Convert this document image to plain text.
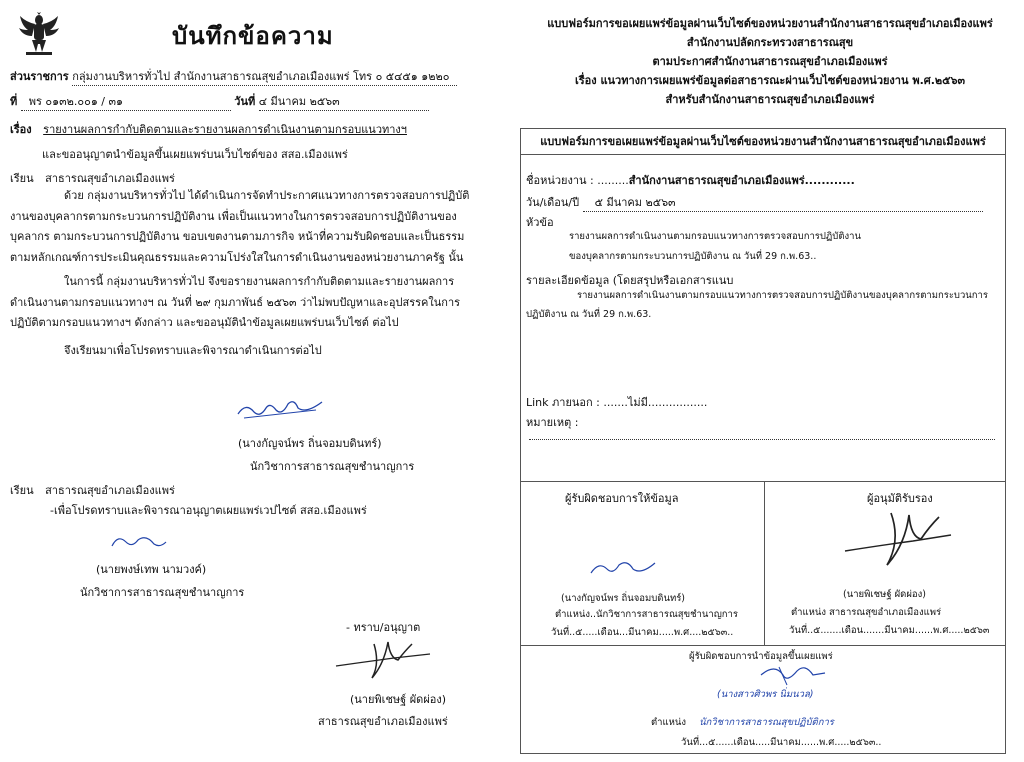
บันทึกข้อความ
ส่วนราชการ กลุ่มงานบริหารทั่วไป สำนักงานสาธารณสุขอำเภอเมืองแพร่ โทร ๐ ๕๔๕๑ ๑๒๒๐
ที่ พร ๐๑๓๒.๐๐๑ / ๓๑	วันที่ ๔ มีนาคม ๒๕๖๓
เรื่อง รายงานผลการกำกับติดตามและรายงานผลการดำเนินงานตามกรอบแนวทางฯ
และขออนุญาตนำข้อมูลขึ้นเผยแพร่บนเว็บไซต์ของ สสอ.เมืองแพร่
เรียน สาธารณสุขอำเภอเมืองแพร่
ด้วย กลุ่มงานบริหารทั่วไป ได้ดำเนินการจัดทำประกาศแนวทางการตรวจสอบการปฏิบัติงานของบุคลากรตามกระบวนการปฏิบัติงาน เพื่อเป็นแนวทางในการตรวจสอบการปฏิบัติงานของบุคลากร ตามกระบวนการปฏิบัติงาน ขอบเขตงานตามภารกิจ หน้าที่ความรับผิดชอบและเป็นธรรม ตามหลักเกณฑ์การประเมินคุณธรรมและความโปร่งใสในการดำเนินงานของหน่วยงานภาครัฐ นั้น
ในการนี้ กลุ่มงานบริหารทั่วไป จึงขอรายงานผลการกำกับติดตามและรายงานผลการดำเนินงานตามกรอบแนวทางฯ ณ วันที่ ๒๙ กุมภาพันธ์ ๒๕๖๓ ว่าไม่พบปัญหาและอุปสรรคในการปฏิบัติตามกรอบแนวทางฯ ดังกล่าว และขออนุมัตินำข้อมูลเผยแพร่บนเว็บไซต์ ต่อไป
จึงเรียนมาเพื่อโปรดทราบและพิจารณาดำเนินการต่อไป
(นางกัญจน์พร ถิ่นจอมบดินทร์)
นักวิชาการสาธารณสุขชำนาญการ
เรียน สาธารณสุขอำเภอเมืองแพร่
-เพื่อโปรดทราบและพิจารณาอนุญาตเผยแพร่เวปไซต์ สสอ.เมืองแพร่
(นายพงษ์เทพ นามวงค์)
นักวิชาการสาธารณสุขชำนาญการ
- ทราบ/อนุญาต
(นายพิเชษฐ์ ผัดผ่อง)
สาธารณสุขอำเภอเมืองแพร่
แบบฟอร์มการขอเผยแพร่ข้อมูลผ่านเว็บไซต์ของหน่วยงานสำนักงานสาธารณสุขอำเภอเมืองแพร่
สำนักงานปลัดกระทรวงสาธารณสุข
ตามประกาศสำนักงานสาธารณสุขอำเภอเมืองแพร่
เรื่อง แนวทางการเผยแพร่ข้อมูลต่อสาธารณะผ่านเว็บไซต์ของหน่วยงาน พ.ศ.๒๕๖๓
สำหรับสำนักงานสาธารณสุขอำเภอเมืองแพร่
แบบฟอร์มการขอเผยแพร่ข้อมูลผ่านเว็บไซต์ของหน่วยงานสำนักงานสาธารณสุขอำเภอเมืองแพร่
ชื่อหน่วยงาน : .........สำนักงานสาธารณสุขอำเภอเมืองแพร่............
วัน/เดือน/ปี ๕ มีนาคม ๒๕๖๓
หัวข้อ
รายงานผลการดำเนินงานตามกรอบแนวทางการตรวจสอบการปฏิบัติงาน
ของบุคลากรตามกระบวนการปฏิบัติงาน ณ วันที่ 29 ก.พ.63..
รายละเอียดข้อมูล (โดยสรุปหรือเอกสารแนบ
รายงานผลการดำเนินงานตามกรอบแนวทางการตรวจสอบการปฏิบัติงานของบุคลากรตามกระบวนการ
ปฏิบัติงาน ณ วันที่ 29 ก.พ.63.
Link ภายนอก : .......ไม่มี.................
หมายเหตุ :
ผู้รับผิดชอบการให้ข้อมูล
(นางกัญจน์พร ถิ่นจอมบดินทร์)
ตำแหน่ง..นักวิชาการสาธารณสุขชำนาญการ
วันที่..๕.....เดือน...มีนาคม.....พ.ศ....๒๕๖๓..
ผู้อนุมัติรับรอง
(นายพิเชษฐ์ ผัดผ่อง)
ตำแหน่ง สาธารณสุขอำเภอเมืองแพร่
วันที่..๕.......เดือน.......มีนาคม......พ.ศ.....๒๕๖๓
ผู้รับผิดชอบการนำข้อมูลขึ้นเผยแพร่
(นางสาวศิวพร นิ่มนวล)
ตำแหน่ง นักวิชาการสาธารณสุขปฏิบัติการ
วันที่...๕......เดือน.....มีนาคม......พ.ศ.....๒๕๖๓..
